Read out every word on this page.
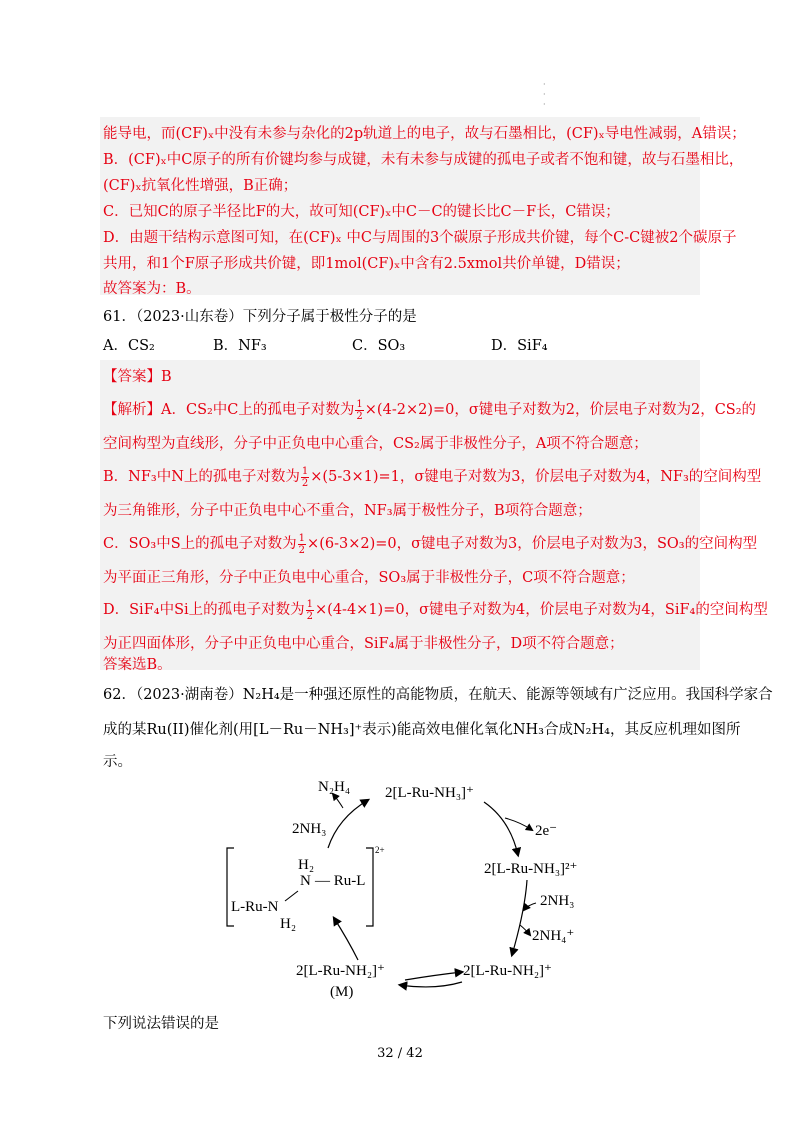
·
·
·
能导电，而(CF)ₓ中没有未参与杂化的2p轨道上的电子，故与石墨相比，(CF)ₓ导电性减弱，A错误；
B．(CF)ₓ中C原子的所有价键均参与成键，未有未参与成键的孤电子或者不饱和键，故与石墨相比，
(CF)ₓ抗氧化性增强，B正确；
C．已知C的原子半径比F的大，故可知(CF)ₓ中C－C的键长比C－F长，C错误；
D．由题干结构示意图可知，在(CF)ₓ 中C与周围的3个碳原子形成共价键，每个C-C键被2个碳原子
共用，和1个F原子形成共价键，即1mol(CF)ₓ中含有2.5xmol共价单键，D错误；
故答案为：B。
61．（2023·山东卷）下列分子属于极性分子的是
A．CS₂	B．NF₃	C．SO₃	D．SiF₄
【答案】B
【解析】A．CS₂中C上的孤电子对数为 $\frac{1}{2} \times(4-2\times 2)=0$，σ键电子对数为2，价层电子对数为2，CS₂的
空间构型为直线形，分子中正负电中心重合，CS₂属于非极性分子，A项不符合题意；
B．NF₃中N上的孤电子对数为 $\frac{1}{2} \times(5-3\times 1)=1$，σ键电子对数为3，价层电子对数为4，NF₃的空间构型
为三角锥形，分子中正负电中心不重合，NF₃属于极性分子，B项符合题意；
C．SO₃中S上的孤电子对数为 $\frac{1}{2} \times(6-3\times 2)=0$，σ键电子对数为3，价层电子对数为3，SO₃的空间构型
为平面正三角形，分子中正负电中心重合，SO₃属于非极性分子，C项不符合题意；
D．SiF₄中Si上的孤电子对数为 $\frac{1}{2} \times(4-4\times 1)=0$，σ键电子对数为4，价层电子对数为4，SiF₄的空间构型
为正四面体形，分子中正负电中心重合，SiF₄属于非极性分子，D项不符合题意；
答案选B。
62．（2023·湖南卷）N₂H₄是一种强还原性的高能物质，在航天、能源等领域有广泛应用。我国科学家合
成的某Ru(II)催化剂(用[L－Ru－NH₃]⁺表示)能高效电催化氧化NH₃合成N₂H₄，其反应机理如图所
示。
N₂H₄ 2[L-Ru-NH₃]⁺
2e⁻
2[L-Ru-NH₃]²⁺
2NH₃
2NH₄⁺
2[L-Ru-NH₂]⁺
2[L-Ru-NH₂]⁺
(M)
2NH₃
H₂
N — Ru-L
L-Ru-N
H₂
2+
下列说法错误的是
32 / 42
